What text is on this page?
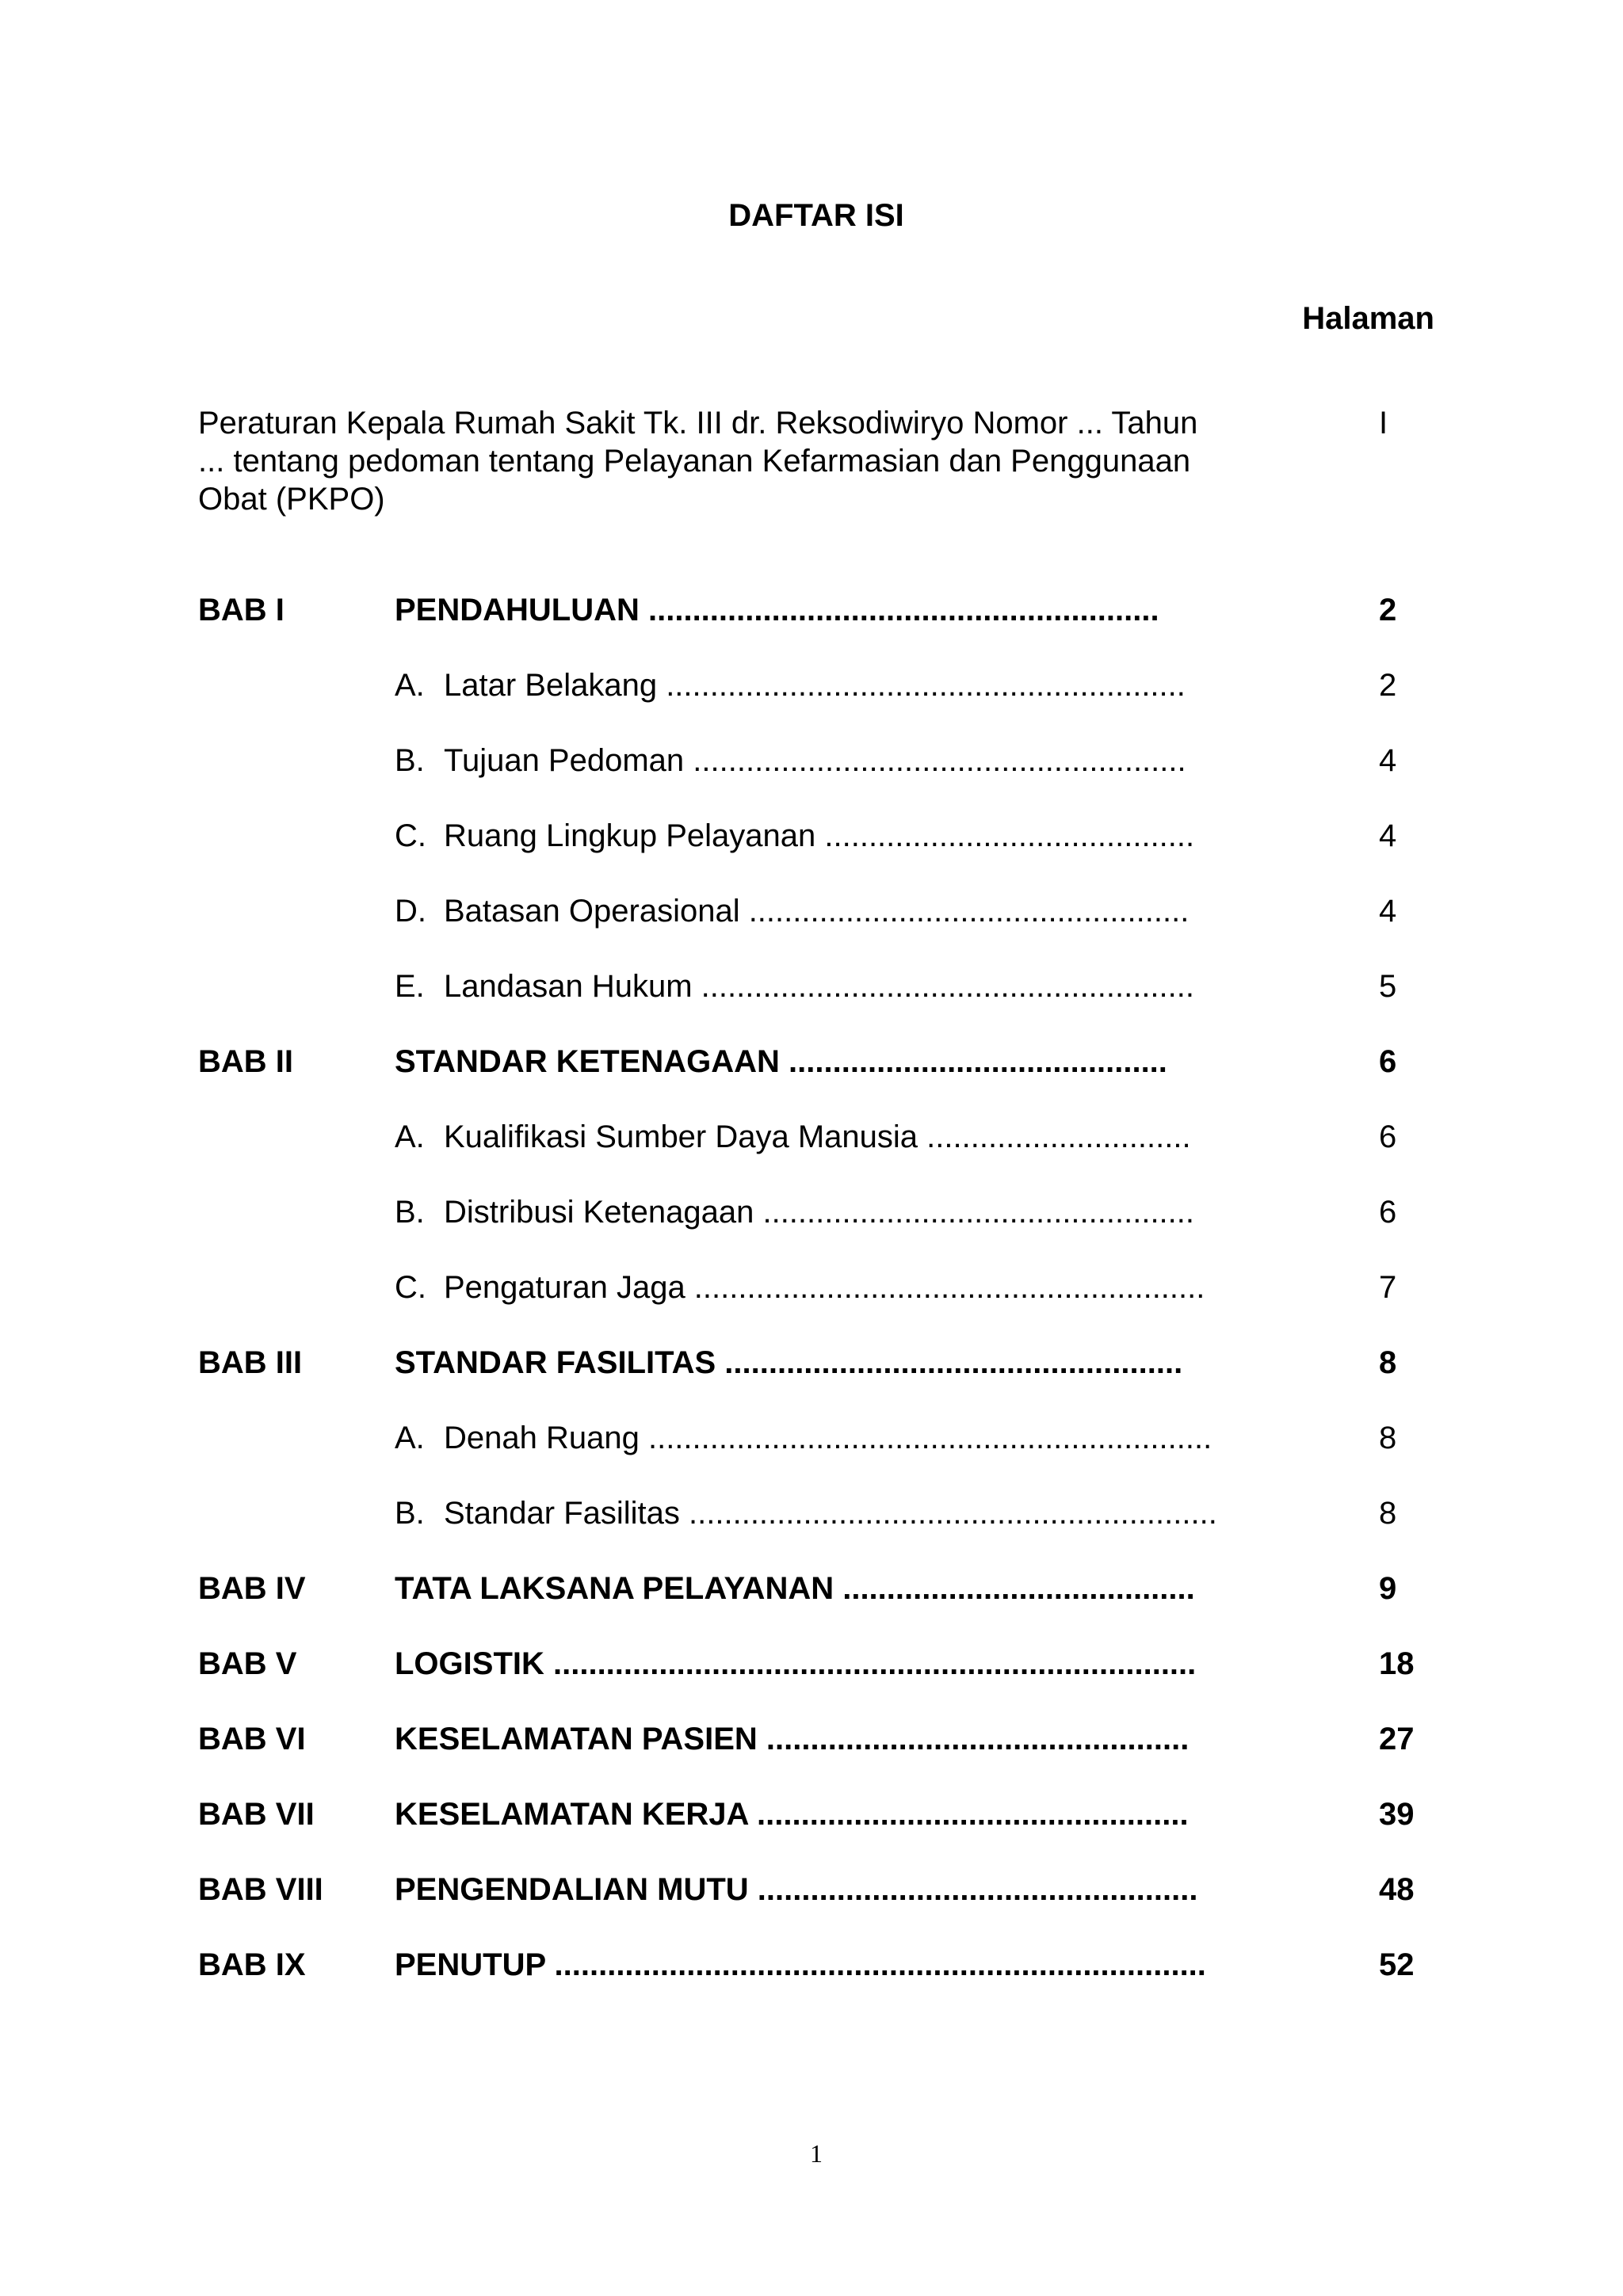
DAFTAR ISI
Halaman
Peraturan Kepala Rumah Sakit Tk. III dr. Reksodiwiryo Nomor ... Tahun
... tentang pedoman tentang Pelayanan Kefarmasian dan Penggunaan
Obat (PKPO)
I
BAB I	PENDAHULUAN ..........................................................	2
A. Latar Belakang ...........................................................	2
B. Tujuan Pedoman ........................................................	4
C. Ruang Lingkup Pelayanan ..........................................	4
D. Batasan Operasional ..................................................	4
E. Landasan Hukum ........................................................	5
BAB II	STANDAR KETENAGAAN ...........................................	6
A. Kualifikasi Sumber Daya Manusia ..............................	6
B. Distribusi Ketenagaan .................................................	6
C. Pengaturan Jaga ..........................................................	7
BAB III	STANDAR FASILITAS ....................................................	8
A. Denah Ruang ................................................................	8
B. Standar Fasilitas ............................................................	8
BAB IV	TATA LAKSANA PELAYANAN ........................................	9
BAB V	LOGISTIK .........................................................................	18
BAB VI	KESELAMATAN PASIEN ................................................	27
BAB VII	KESELAMATAN KERJA .................................................	39
BAB VIII PENGENDALIAN MUTU ..................................................	48
BAB IX	PENUTUP ..........................................................................	52
1
